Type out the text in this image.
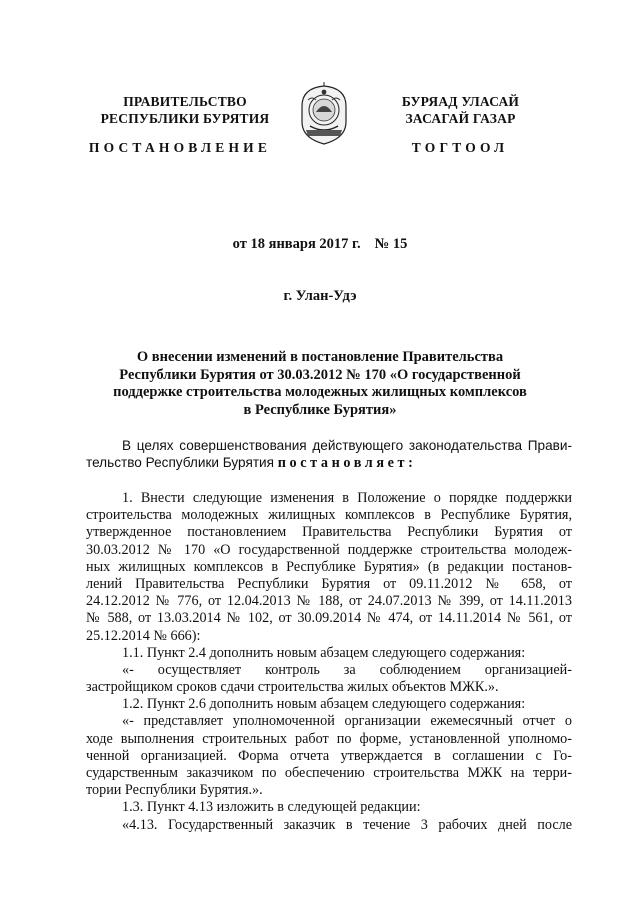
ПРАВИТЕЛЬСТВО
РЕСПУБЛИКИ БУРЯТИЯ
ПОСТАНОВЛЕНИЕ
БУРЯАД УЛАСАЙ
ЗАСАГАЙ ГАЗАР
ТОГТООЛ
от 18 января 2017 г. № 15
г. Улан-Удэ
О внесении изменений в постановление Правительства
Республики Бурятия от 30.03.2012 № 170 «О государственной
поддержке строительства молодежных жилищных комплексов
в Республике Бурятия»
В целях совершенствования действующего законодательства Прави-
тельство Республики Бурятия постановляет:
1. Внести следующие изменения в Положение о порядке поддержки
строительства молодежных жилищных комплексов в Республике Бурятия,
утвержденное постановлением Правительства Республики Бурятия от
30.03.2012 № 170 «О государственной поддержке строительства молодеж-
ных жилищных комплексов в Республике Бурятия» (в редакции постанов-
лений Правительства Республики Бурятия от 09.11.2012 № 658, от
24.12.2012 № 776, от 12.04.2013 № 188, от 24.07.2013 № 399, от 14.11.2013
№ 588, от 13.03.2014 № 102, от 30.09.2014 № 474, от 14.11.2014 № 561, от
25.12.2014 № 666):
1.1. Пункт 2.4 дополнить новым абзацем следующего содержания:
«- осуществляет контроль за соблюдением организацией-
застройщиком сроков сдачи строительства жилых объектов МЖК.».
1.2. Пункт 2.6 дополнить новым абзацем следующего содержания:
«- представляет уполномоченной организации ежемесячный отчет о
ходе выполнения строительных работ по форме, установленной уполномо-
ченной организацией. Форма отчета утверждается в соглашении с Го-
сударственным заказчиком по обеспечению строительства МЖК на терри-
тории Республики Бурятия.».
1.3. Пункт 4.13 изложить в следующей редакции:
«4.13. Государственный заказчик в течение 3 рабочих дней после
